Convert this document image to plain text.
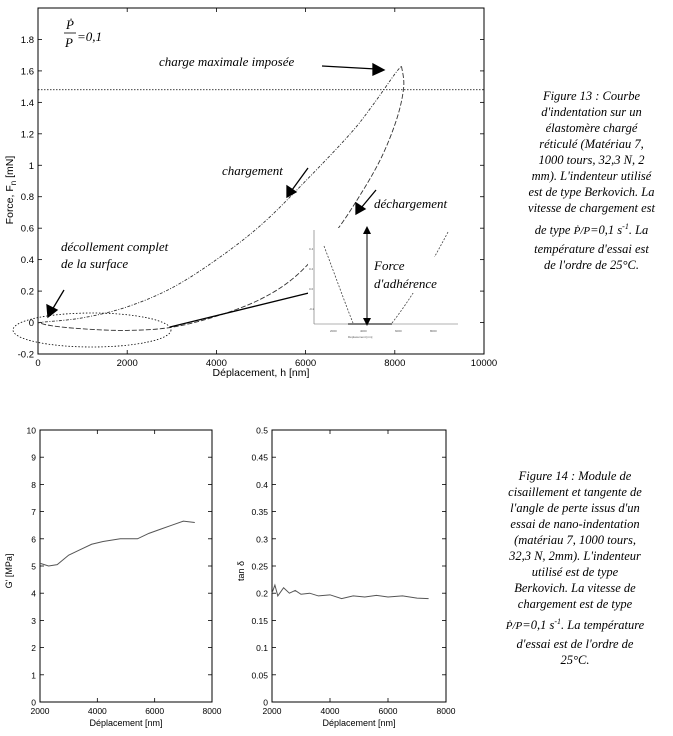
0	2000	4000	6000	8000	10000
-0.2
0
0.2
0.4
0.6
0.8
1
1.2
1.4
1.6
1.8
Force, $F_n$ [mN]
Déplacement, h [nm]
Ṗ
P =0,1
charge maximale imposée
chargement
déchargement
décollement complet
de la surface
0.4
0.2
0.0
-0.2
2000	4000	6000	8000
Déplacement [nm]
Force
d'adhérence
Figure 13 : Courbe
d'indentation sur un
élastomère chargé
réticulé (Matériau 7,
1000 tours, 32,3 N, 2
mm). L'indenteur utilisé
est de type Berkovich. La
vitesse de chargement est
de type Ṗ/P=0,1 $s^{-1}$. La
température d'essai est
de l'ordre de 25°C.
2000	4000	6000	8000
0
1
2
3
4
5
6
7
8
9
10
G' [MPa]
Déplacement [nm]
2000	4000	6000	8000
0
0.05
0.1
0.15
0.2
0.25
0.3
0.35
0.4
0.45
0.5
tan δ
Déplacement [nm]
Figure 14 : Module de
cisaillement et tangente de
l'angle de perte issus d'un
essai de nano-indentation
(matériau 7, 1000 tours,
32,3 N, 2mm). L'indenteur
utilisé est de type
Berkovich. La vitesse de
chargement est de type
Ṗ/P=0,1 $s^{-1}$. La température
d'essai est de l'ordre de
25°C.
